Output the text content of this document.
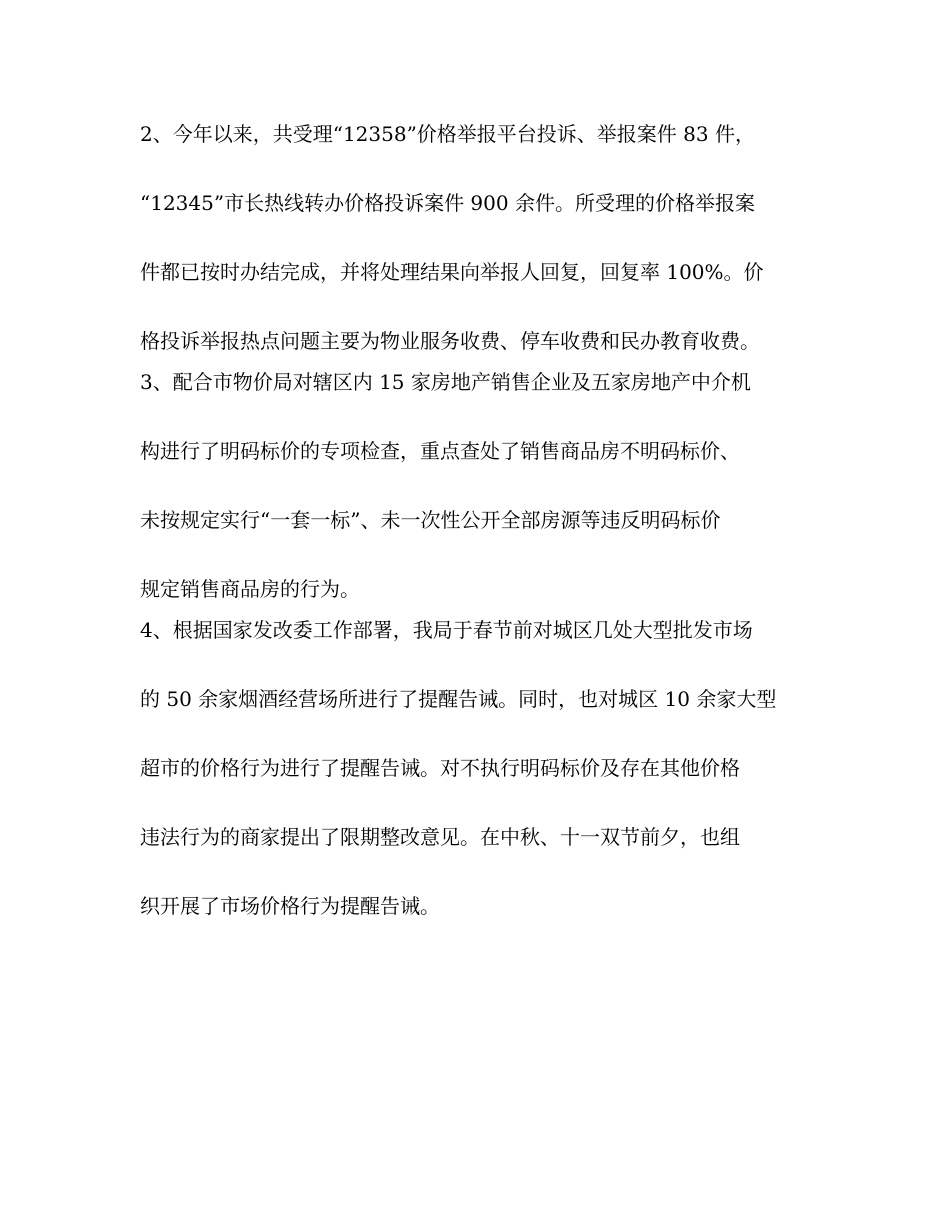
2、今年以来，共受理“12358”价格举报平台投诉、举报案件 83 件，
“12345”市长热线转办价格投诉案件 900 余件。所受理的价格举报案
件都已按时办结完成，并将处理结果向举报人回复，回复率 100%。价
格投诉举报热点问题主要为物业服务收费、停车收费和民办教育收费。
3、配合市物价局对辖区内 15 家房地产销售企业及五家房地产中介机
构进行了明码标价的专项检查，重点查处了销售商品房不明码标价、
未按规定实行“一套一标”、未一次性公开全部房源等违反明码标价
规定销售商品房的行为。
4、根据国家发改委工作部署，我局于春节前对城区几处大型批发市场
的 50 余家烟酒经营场所进行了提醒告诫。同时，也对城区 10 余家大型
超市的价格行为进行了提醒告诫。对不执行明码标价及存在其他价格
违法行为的商家提出了限期整改意见。在中秋、十一双节前夕，也组
织开展了市场价格行为提醒告诫。
